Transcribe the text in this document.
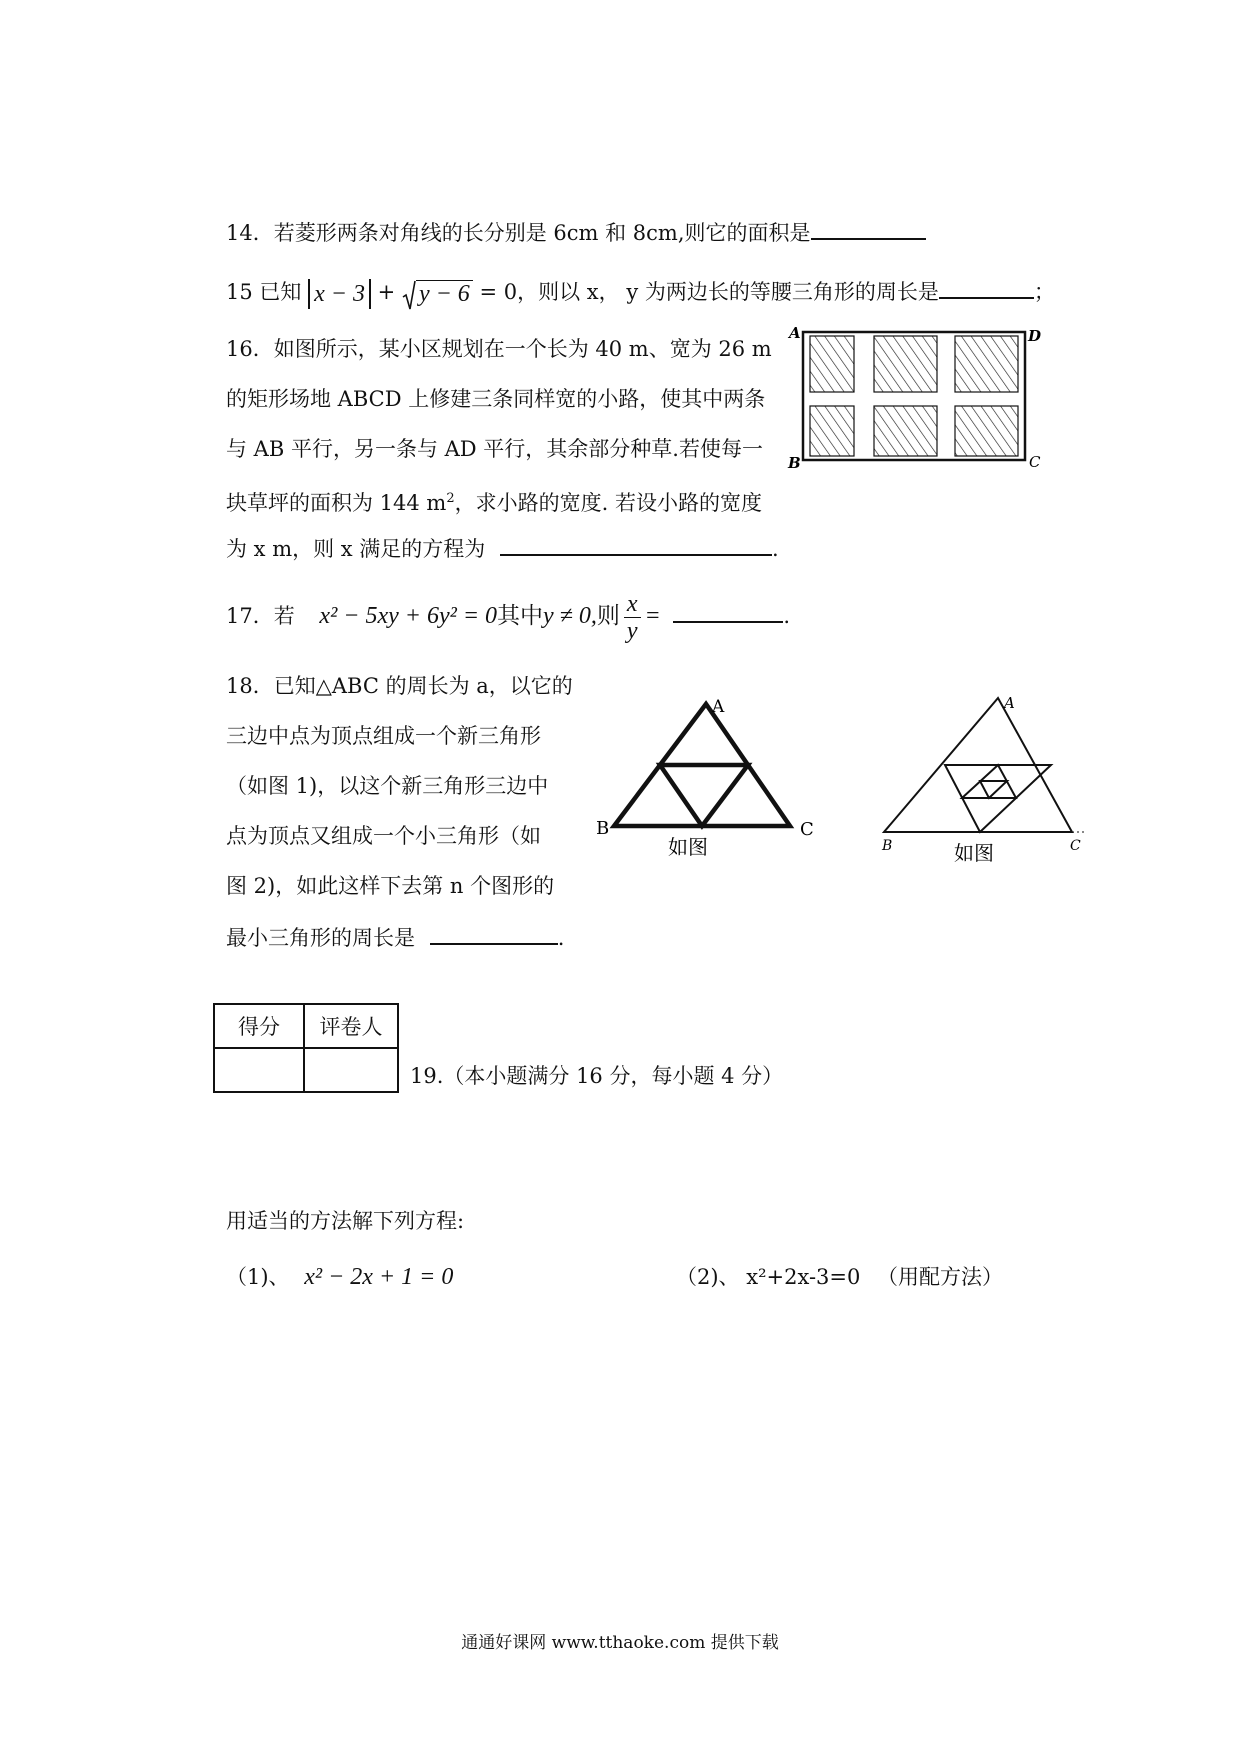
14．若菱形两条对角线的长分别是 6cm 和 8cm,则它的面积是
15 已知 x − 3 + y − 6 = 0，则以 x， y 为两边长的等腰三角形的周长是	；
16．如图所示，某小区规划在一个长为 40 m、宽为 26 m
的矩形场地 ABCD 上修建三条同样宽的小路，使其中两条
与 AB 平行，另一条与 AD 平行，其余部分种草.若使每一
块草坪的面积为 144 $m^2$，求小路的宽度. 若设小路的宽度
为 x m，则 x 满足的方程为	.
A	D
B	C
17．若 x² − 5xy + 6y² = 0其中y ≠ 0,则 $\frac{x}{y}$ =	.
18．已知△ABC 的周长为 a，以它的
三边中点为顶点组成一个新三角形
（如图 1)，以这个新三角形三边中
点为顶点又组成一个小三角形（如
图 2)，如此这样下去第 n 个图形的
最小三角形的周长是	.
A
B	C
如图
A
B	C
如图
得分	评卷人

19.（本小题满分 16 分，每小题 4 分）
用适当的方法解下列方程:
（1)、 x² − 2x + 1 = 0	（2)、 x²+2x-3=0 （用配方法）
通通好课网 www.tthaoke.com 提供下载
